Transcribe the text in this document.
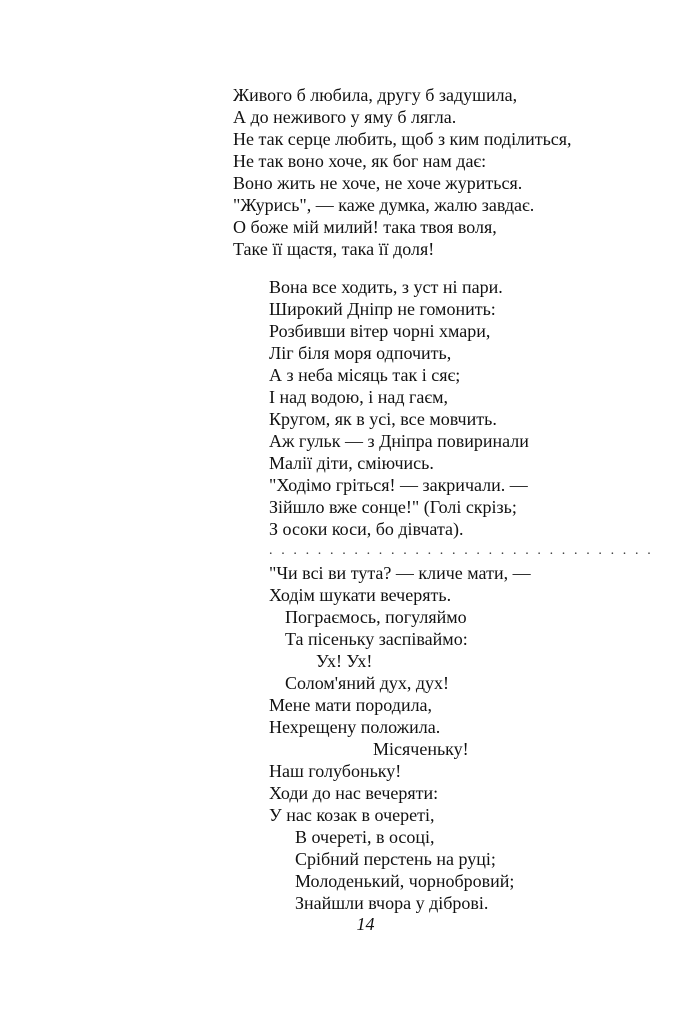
Живого б любила, другу б задушила,
А до неживого у яму б лягла.
Не так серце любить, щоб з ким поділиться,
Не так воно хоче, як бог нам дає:
Воно жить не хоче, не хоче журиться.
"Журись", — каже думка, жалю завдає.
О боже мій милий! така твоя воля,
Таке її щастя, така її доля!
Вона все ходить, з уст ні пари.
Широкий Дніпр не гомонить:
Розбивши вітер чорні хмари,
Ліг біля моря одпочить,
А з неба місяць так і сяє;
І над водою, і над гаєм,
Кругом, як в усі, все мовчить.
Аж гульк — з Дніпра повиринали
Малії діти, сміючись.
"Ходімо гріться! — закричали. —
Зійшло вже сонце!" (Голі скрізь;
З осоки коси, бо дівчата).
. . . . . . . . . . . . . . . . . . . . . . . . . . . . . . . .
"Чи всі ви тута? — кличе мати, —
Ходім шукати вечерять.
Пограємось, погуляймо
Та пісеньку заспіваймо:
Ух! Ух!
Солом'яний дух, дух!
Мене мати породила,
Нехрещену положила.
Місяченьку!
Наш голубоньку!
Ходи до нас вечеряти:
У нас козак в очереті,
В очереті, в осоці,
Срібний перстень на руці;
Молоденький, чорнобровий;
Знайшли вчора у діброві.
14
